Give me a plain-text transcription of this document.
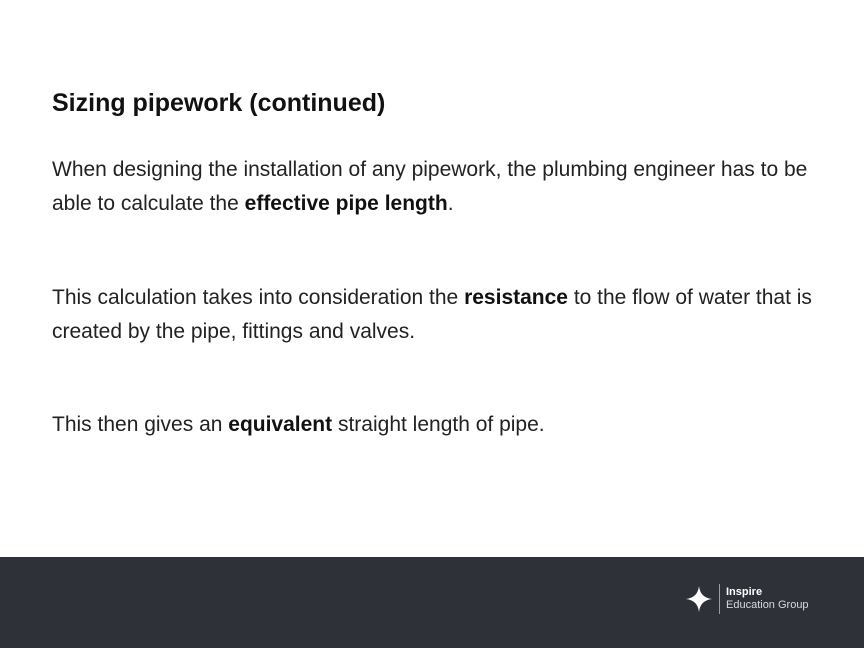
Sizing pipework (continued)

When designing the installation of any pipework, the plumbing engineer has to be able to calculate the effective pipe length.

This calculation takes into consideration the resistance to the flow of water that is created by the pipe, fittings and valves.

This then gives an equivalent straight length of pipe.

Inspire
Education Group
